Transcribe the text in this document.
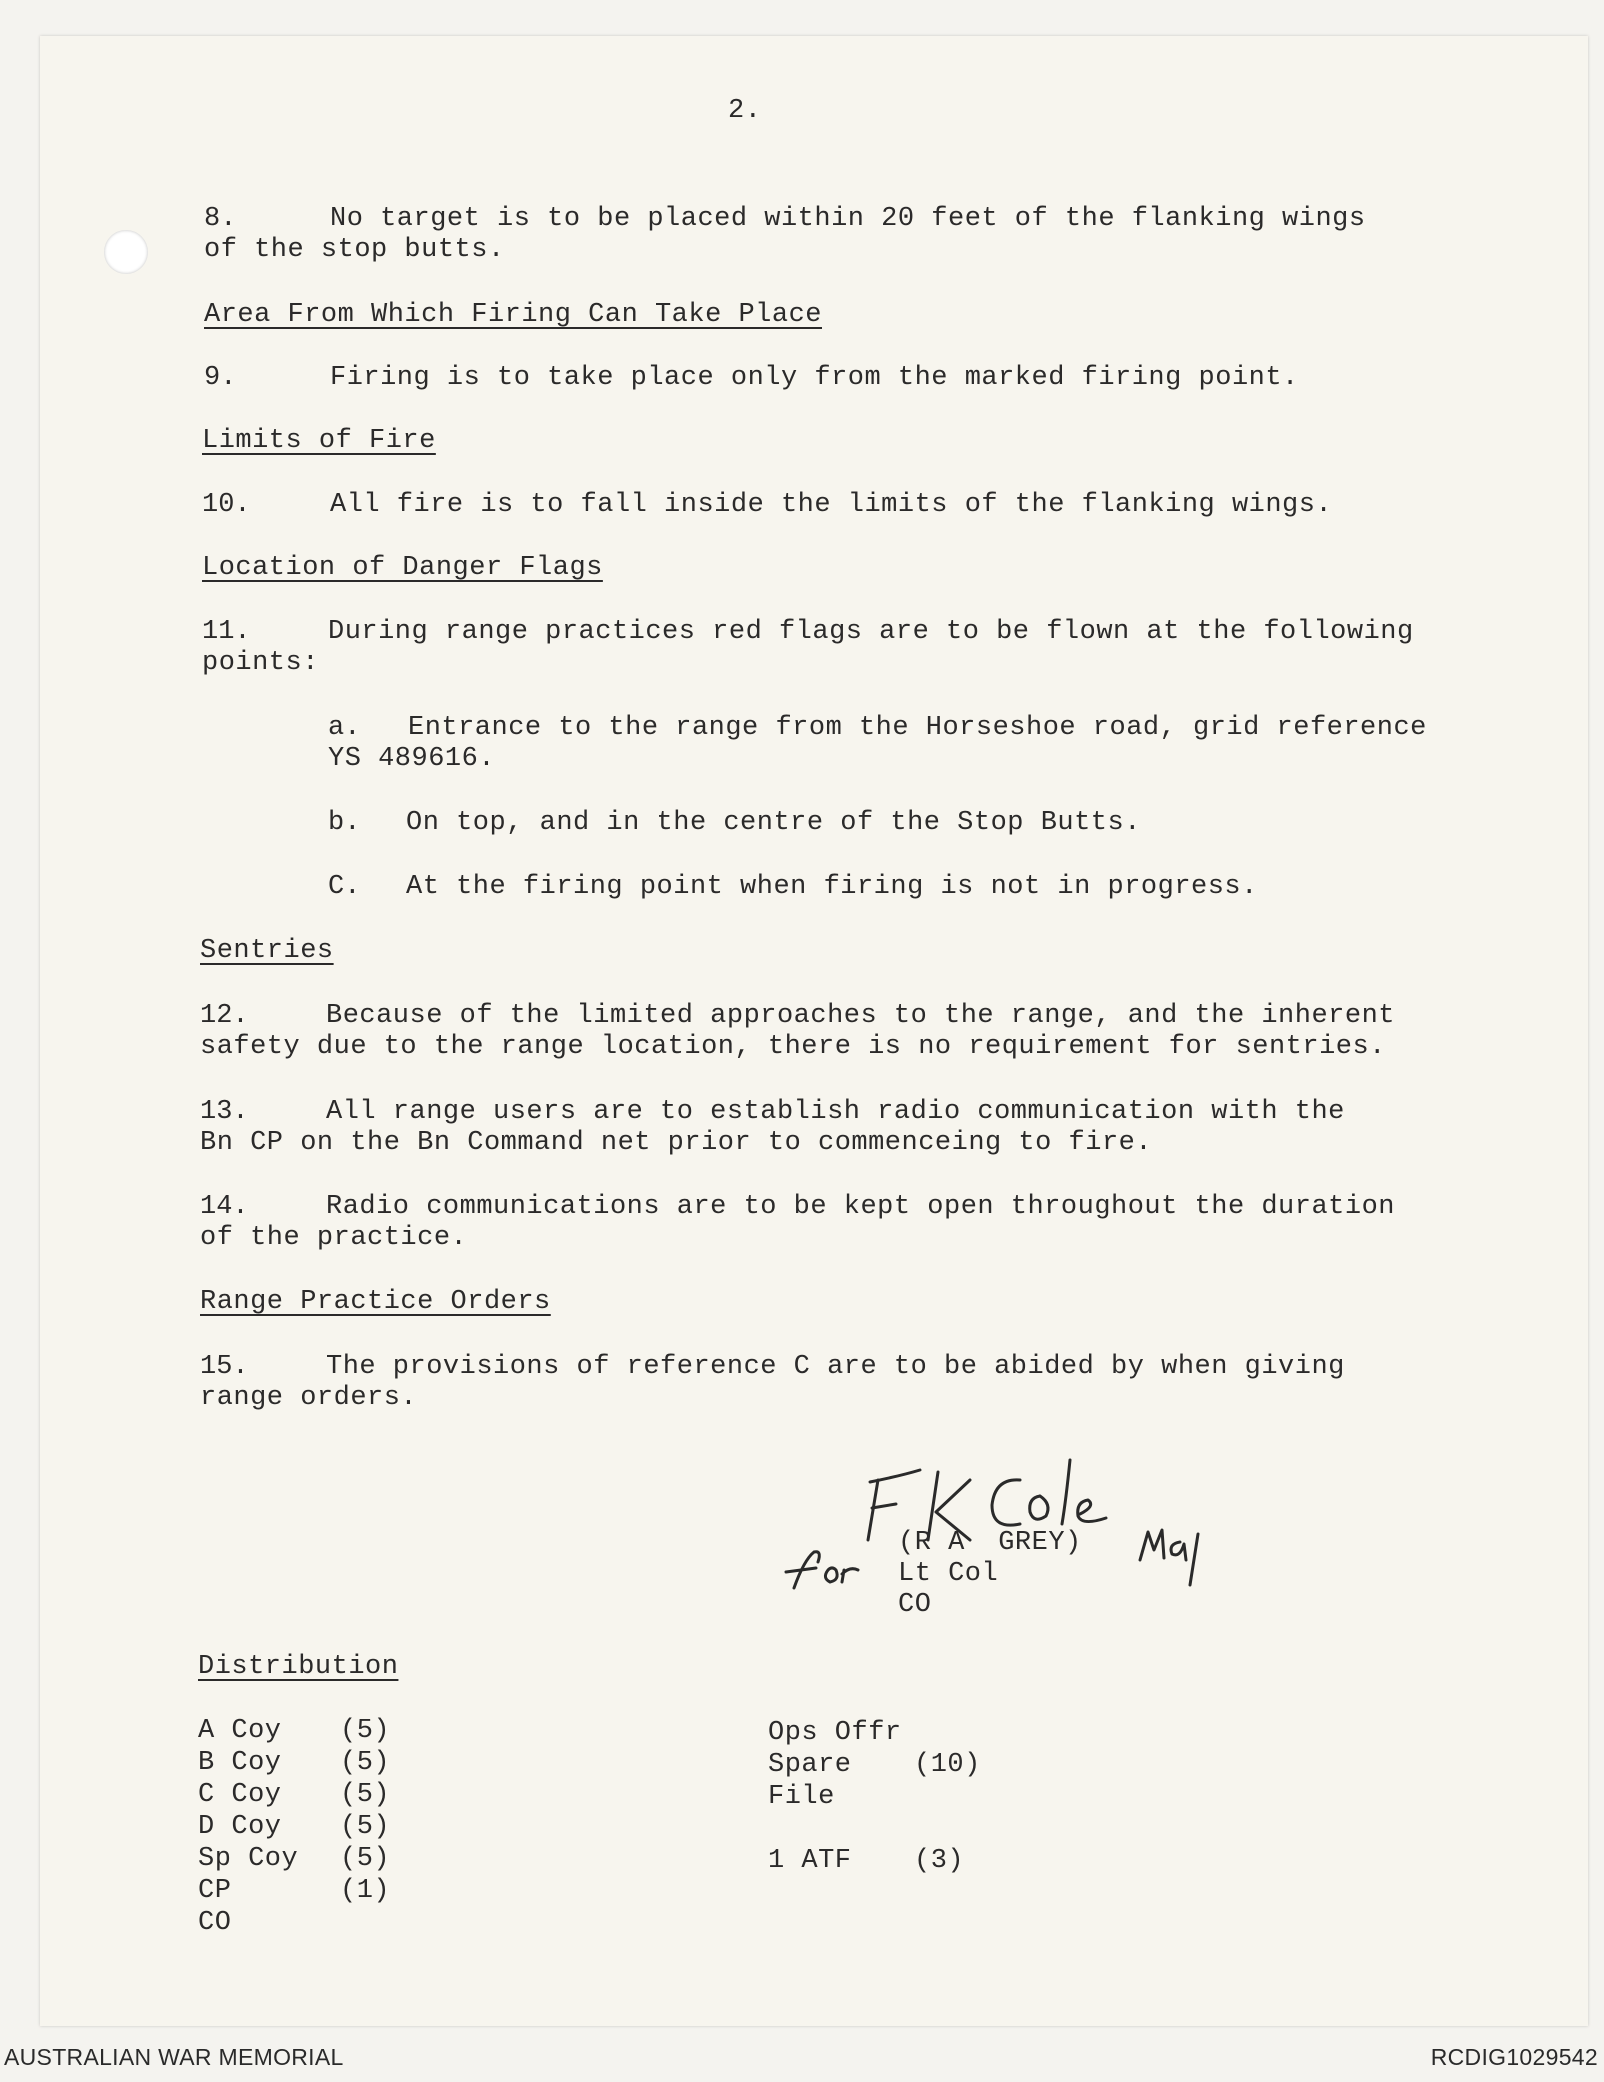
2.
8.	No target is to be placed within 20 feet of the flanking wings
of the stop butts.
Area From Which Firing Can Take Place
9.	Firing is to take place only from the marked firing point.
Limits of Fire
10.	All fire is to fall inside the limits of the flanking wings.
Location of Danger Flags
11.	During range practices red flags are to be flown at the following
points:
a. Entrance to the range from the Horseshoe road, grid reference
YS 489616.
b. On top, and in the centre of the Stop Butts.
C. At the firing point when firing is not in progress.
Sentries
12.	Because of the limited approaches to the range, and the inherent
safety due to the range location, there is no requirement for sentries.
13.	All range users are to establish radio communication with the
Bn CP on the Bn Command net prior to commenceing to fire.
14.	Radio communications are to be kept open throughout the duration
of the practice.
Range Practice Orders
15.	The provisions of reference C are to be abided by when giving
range orders.
(R A  GREY)
Lt Col
CO
Distribution
A Coy (5)
B Coy (5)
C Coy (5)
D Coy (5)
Sp Coy (5)
CP	(1)
CO
Ops Offr
Spare (10)
File
1 ATF (3)
AUSTRALIAN WAR MEMORIAL	RCDIG1029542
